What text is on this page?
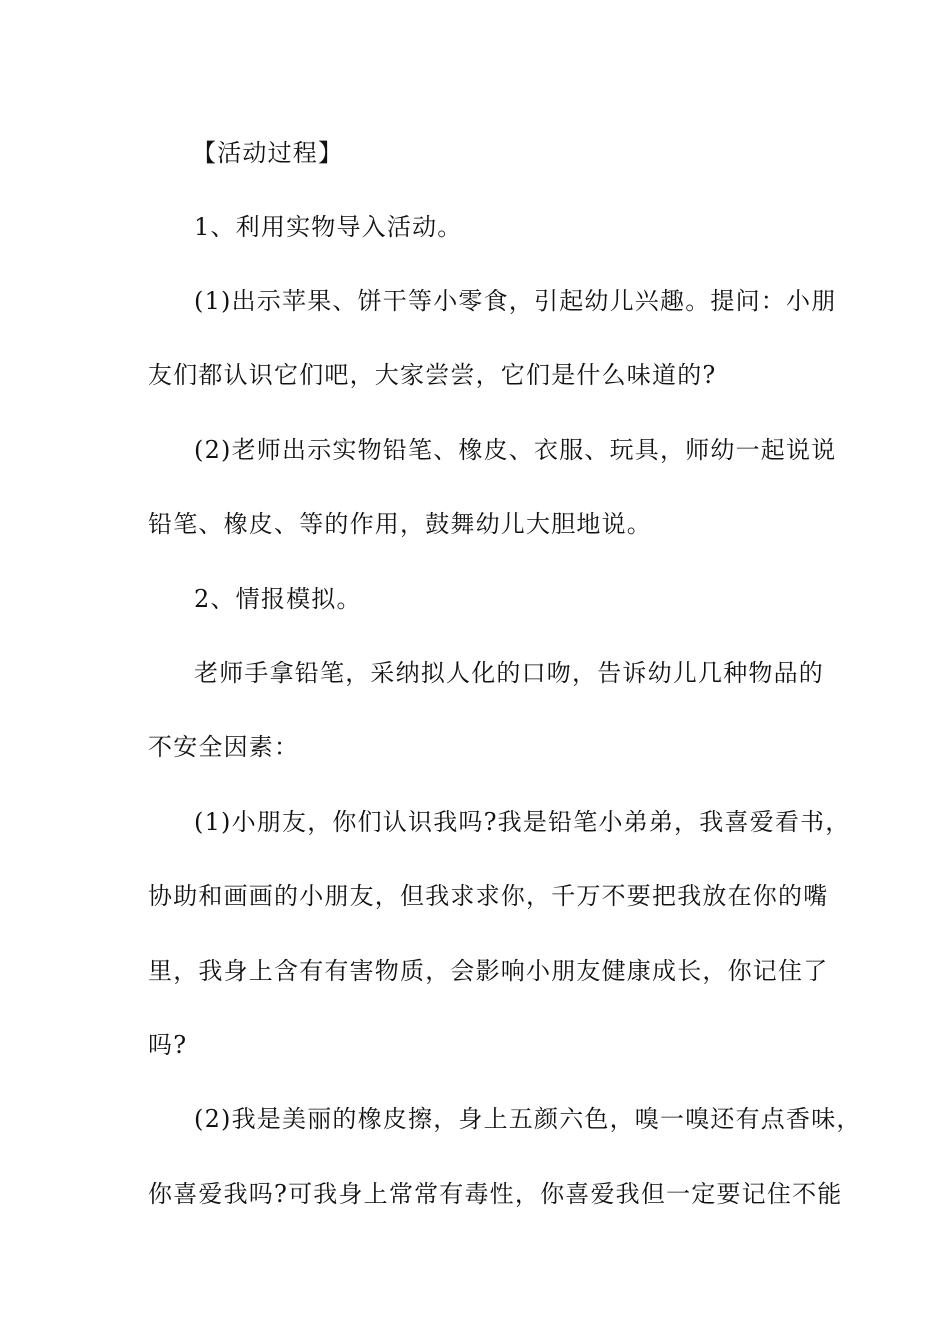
【活动过程】
1、利用实物导入活动。
(1)出示苹果、饼干等小零食，引起幼儿兴趣。提问：小朋
友们都认识它们吧，大家尝尝，它们是什么味道的?
(2)老师出示实物铅笔、橡皮、衣服、玩具，师幼一起说说
铅笔、橡皮、等的作用，鼓舞幼儿大胆地说。
2、情报模拟。
老师手拿铅笔，采纳拟人化的口吻，告诉幼儿几种物品的
不安全因素：
(1)小朋友，你们认识我吗?我是铅笔小弟弟，我喜爱看书，
协助和画画的小朋友，但我求求你，千万不要把我放在你的嘴
里，我身上含有有害物质，会影响小朋友健康成长，你记住了
吗?
(2)我是美丽的橡皮擦，身上五颜六色，嗅一嗅还有点香味，
你喜爱我吗?可我身上常常有毒性，你喜爱我但一定要记住不能
